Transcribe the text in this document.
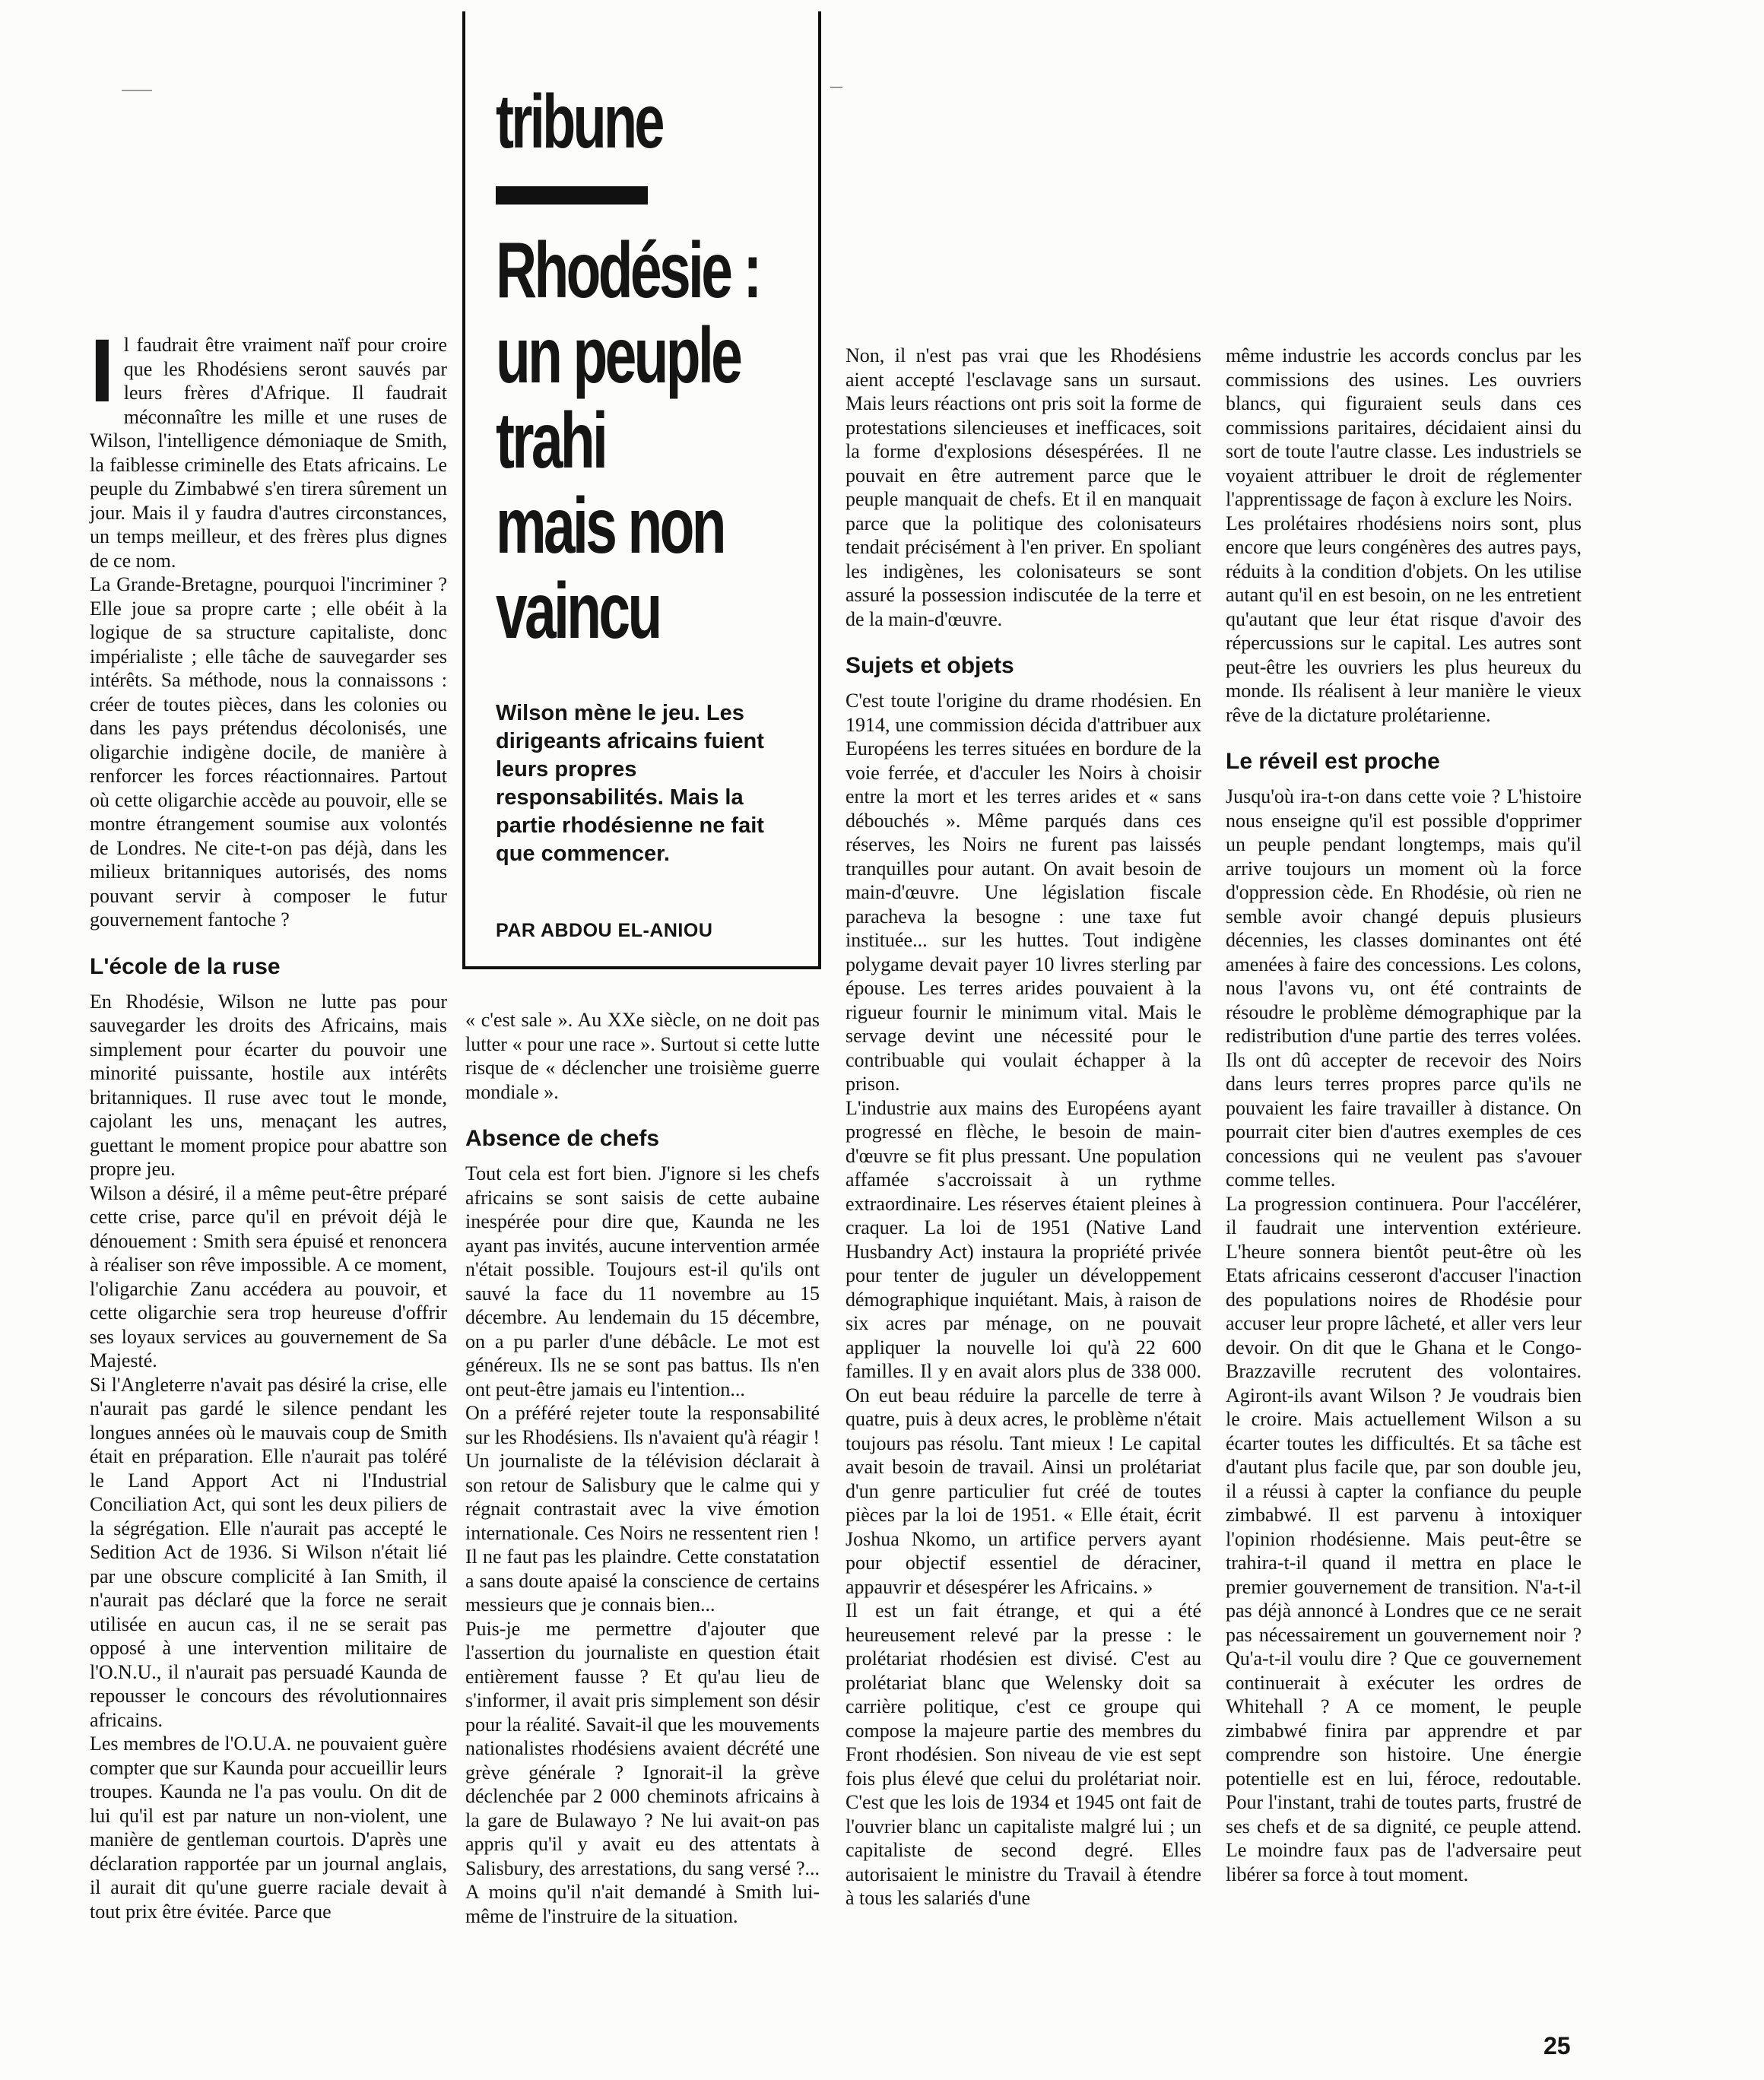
tribune
Rhodésie :
un peuple
trahi
mais non
vaincu
Wilson mène le jeu. Les dirigeants africains fuient leurs propres responsabilités. Mais la partie rhodésienne ne fait que commencer.
PAR ABDOU EL-ANIOU

Il faudrait être vraiment naïf pour croire que les Rhodésiens seront sauvés par leurs frères d'Afrique. Il faudrait méconnaître les mille et une ruses de Wilson, l'intelligence démoniaque de Smith, la faiblesse criminelle des Etats africains. Le peuple du Zimbabwé s'en tirera sûrement un jour. Mais il y faudra d'autres circonstances, un temps meilleur, et des frères plus dignes de ce nom.

La Grande-Bretagne, pourquoi l'incriminer ? Elle joue sa propre carte ; elle obéit à la logique de sa structure capitaliste, donc impérialiste ; elle tâche de sauvegarder ses intérêts. Sa méthode, nous la connaissons : créer de toutes pièces, dans les colonies ou dans les pays prétendus décolonisés, une oligarchie indigène docile, de manière à renforcer les forces réactionnaires. Partout où cette oligarchie accède au pouvoir, elle se montre étrangement soumise aux volontés de Londres. Ne cite-t-on pas déjà, dans les milieux britanniques autorisés, des noms pouvant servir à composer le futur gouvernement fantoche ?

L'école de la ruse

En Rhodésie, Wilson ne lutte pas pour sauvegarder les droits des Africains, mais simplement pour écarter du pouvoir une minorité puissante, hostile aux intérêts britanniques. Il ruse avec tout le monde, cajolant les uns, menaçant les autres, guettant le moment propice pour abattre son propre jeu.

Wilson a désiré, il a même peut-être préparé cette crise, parce qu'il en prévoit déjà le dénouement : Smith sera épuisé et renoncera à réaliser son rêve impossible. A ce moment, l'oligarchie Zanu accédera au pouvoir, et cette oligarchie sera trop heureuse d'offrir ses loyaux services au gouvernement de Sa Majesté.

Si l'Angleterre n'avait pas désiré la crise, elle n'aurait pas gardé le silence pendant les longues années où le mauvais coup de Smith était en préparation. Elle n'aurait pas toléré le Land Apport Act ni l'Industrial Conciliation Act, qui sont les deux piliers de la ségrégation. Elle n'aurait pas accepté le Sedition Act de 1936. Si Wilson n'était lié par une obscure complicité à Ian Smith, il n'aurait pas déclaré que la force ne serait utilisée en aucun cas, il ne se serait pas opposé à une intervention militaire de l'O.N.U., il n'aurait pas persuadé Kaunda de repousser le concours des révolutionnaires africains.

Les membres de l'O.U.A. ne pouvaient guère compter que sur Kaunda pour accueillir leurs troupes. Kaunda ne l'a pas voulu. On dit de lui qu'il est par nature un non-violent, une manière de gentleman courtois. D'après une déclaration rapportée par un journal anglais, il aurait dit qu'une guerre raciale devait à tout prix être évitée. Parce que

« c'est sale ». Au XXe siècle, on ne doit pas lutter « pour une race ». Surtout si cette lutte risque de « déclencher une troisième guerre mondiale ».

Absence de chefs

Tout cela est fort bien. J'ignore si les chefs africains se sont saisis de cette aubaine inespérée pour dire que, Kaunda ne les ayant pas invités, aucune intervention armée n'était possible. Toujours est-il qu'ils ont sauvé la face du 11 novembre au 15 décembre. Au lendemain du 15 décembre, on a pu parler d'une débâcle. Le mot est généreux. Ils ne se sont pas battus. Ils n'en ont peut-être jamais eu l'intention...

On a préféré rejeter toute la responsabilité sur les Rhodésiens. Ils n'avaient qu'à réagir ! Un journaliste de la télévision déclarait à son retour de Salisbury que le calme qui y régnait contrastait avec la vive émotion internationale. Ces Noirs ne ressentent rien ! Il ne faut pas les plaindre. Cette constatation a sans doute apaisé la conscience de certains messieurs que je connais bien...

Puis-je me permettre d'ajouter que l'assertion du journaliste en question était entièrement fausse ? Et qu'au lieu de s'informer, il avait pris simplement son désir pour la réalité. Savait-il que les mouvements nationalistes rhodésiens avaient décrété une grève générale ? Ignorait-il la grève déclenchée par 2 000 cheminots africains à la gare de Bulawayo ? Ne lui avait-on pas appris qu'il y avait eu des attentats à Salisbury, des arrestations, du sang versé ?... A moins qu'il n'ait demandé à Smith lui-même de l'instruire de la situation.

Non, il n'est pas vrai que les Rhodésiens aient accepté l'esclavage sans un sursaut. Mais leurs réactions ont pris soit la forme de protestations silencieuses et inefficaces, soit la forme d'explosions désespérées. Il ne pouvait en être autrement parce que le peuple manquait de chefs. Et il en manquait parce que la politique des colonisateurs tendait précisément à l'en priver. En spoliant les indigènes, les colonisateurs se sont assuré la possession indiscutée de la terre et de la main-d'œuvre.

Sujets et objets

C'est toute l'origine du drame rhodésien. En 1914, une commission décida d'attribuer aux Européens les terres situées en bordure de la voie ferrée, et d'acculer les Noirs à choisir entre la mort et les terres arides et « sans débouchés ». Même parqués dans ces réserves, les Noirs ne furent pas laissés tranquilles pour autant. On avait besoin de main-d'œuvre. Une législation fiscale paracheva la besogne : une taxe fut instituée... sur les huttes. Tout indigène polygame devait payer 10 livres sterling par épouse. Les terres arides pouvaient à la rigueur fournir le minimum vital. Mais le servage devint une nécessité pour le contribuable qui voulait échapper à la prison.

L'industrie aux mains des Européens ayant progressé en flèche, le besoin de main-d'œuvre se fit plus pressant. Une population affamée s'accroissait à un rythme extraordinaire. Les réserves étaient pleines à craquer. La loi de 1951 (Native Land Husbandry Act) instaura la propriété privée pour tenter de juguler un développement démographique inquiétant. Mais, à raison de six acres par ménage, on ne pouvait appliquer la nouvelle loi qu'à 22 600 familles. Il y en avait alors plus de 338 000. On eut beau réduire la parcelle de terre à quatre, puis à deux acres, le problème n'était toujours pas résolu. Tant mieux ! Le capital avait besoin de travail. Ainsi un prolétariat d'un genre particulier fut créé de toutes pièces par la loi de 1951. « Elle était, écrit Joshua Nkomo, un artifice pervers ayant pour objectif essentiel de déraciner, appauvrir et désespérer les Africains. »

Il est un fait étrange, et qui a été heureusement relevé par la presse : le prolétariat rhodésien est divisé. C'est au prolétariat blanc que Welensky doit sa carrière politique, c'est ce groupe qui compose la majeure partie des membres du Front rhodésien. Son niveau de vie est sept fois plus élevé que celui du prolétariat noir. C'est que les lois de 1934 et 1945 ont fait de l'ouvrier blanc un capitaliste malgré lui ; un capitaliste de second degré. Elles autorisaient le ministre du Travail à étendre à tous les salariés d'une

même industrie les accords conclus par les commissions des usines. Les ouvriers blancs, qui figuraient seuls dans ces commissions paritaires, décidaient ainsi du sort de toute l'autre classe. Les industriels se voyaient attribuer le droit de réglementer l'apprentissage de façon à exclure les Noirs.

Les prolétaires rhodésiens noirs sont, plus encore que leurs congénères des autres pays, réduits à la condition d'objets. On les utilise autant qu'il en est besoin, on ne les entretient qu'autant que leur état risque d'avoir des répercussions sur le capital. Les autres sont peut-être les ouvriers les plus heureux du monde. Ils réalisent à leur manière le vieux rêve de la dictature prolétarienne.

Le réveil est proche

Jusqu'où ira-t-on dans cette voie ? L'histoire nous enseigne qu'il est possible d'opprimer un peuple pendant longtemps, mais qu'il arrive toujours un moment où la force d'oppression cède. En Rhodésie, où rien ne semble avoir changé depuis plusieurs décennies, les classes dominantes ont été amenées à faire des concessions. Les colons, nous l'avons vu, ont été contraints de résoudre le problème démographique par la redistribution d'une partie des terres volées. Ils ont dû accepter de recevoir des Noirs dans leurs terres propres parce qu'ils ne pouvaient les faire travailler à distance. On pourrait citer bien d'autres exemples de ces concessions qui ne veulent pas s'avouer comme telles.

La progression continuera. Pour l'accélérer, il faudrait une intervention extérieure. L'heure sonnera bientôt peut-être où les Etats africains cesseront d'accuser l'inaction des populations noires de Rhodésie pour accuser leur propre lâcheté, et aller vers leur devoir. On dit que le Ghana et le Congo-Brazzaville recrutent des volontaires. Agiront-ils avant Wilson ? Je voudrais bien le croire. Mais actuellement Wilson a su écarter toutes les difficultés. Et sa tâche est d'autant plus facile que, par son double jeu, il a réussi à capter la confiance du peuple zimbabwé. Il est parvenu à intoxiquer l'opinion rhodésienne. Mais peut-être se trahira-t-il quand il mettra en place le premier gouvernement de transition. N'a-t-il pas déjà annoncé à Londres que ce ne serait pas nécessairement un gouvernement noir ? Qu'a-t-il voulu dire ? Que ce gouvernement continuerait à exécuter les ordres de Whitehall ? A ce moment, le peuple zimbabwé finira par apprendre et par comprendre son histoire. Une énergie potentielle est en lui, féroce, redoutable. Pour l'instant, trahi de toutes parts, frustré de ses chefs et de sa dignité, ce peuple attend. Le moindre faux pas de l'adversaire peut libérer sa force à tout moment.

25
